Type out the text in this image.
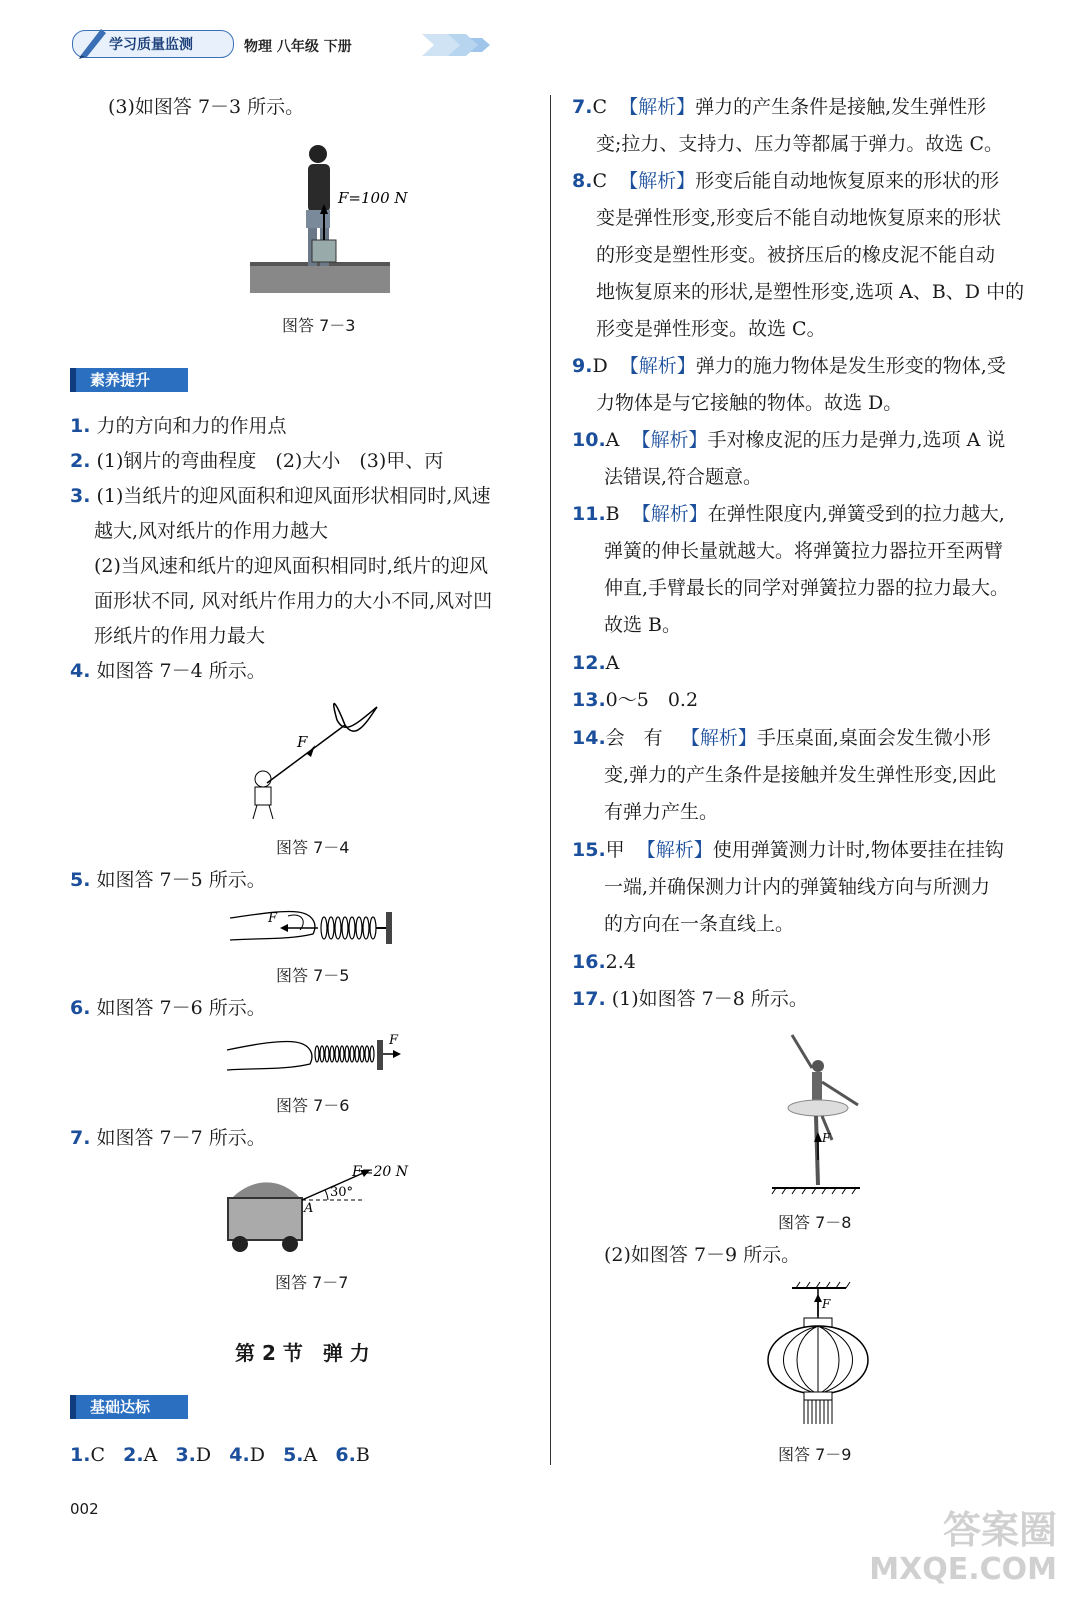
学习质量监测	物理 八年级 下册
(3)如图答 7－3 所示。
F=100 N
图答 7－3
素养提升
1. 力的方向和力的作用点
2. (1)钢片的弯曲程度　(2)大小　(3)甲、丙
3. (1)当纸片的迎风面积和迎风面形状相同时,风速
越大,风对纸片的作用力越大
(2)当风速和纸片的迎风面积相同时,纸片的迎风
面形状不同, 风对纸片作用力的大小不同,风对凹
形纸片的作用力最大
4. 如图答 7－4 所示。
F
图答 7－4
5. 如图答 7－5 所示。
F
图答 7－5
6. 如图答 7－6 所示。
F
图答 7－6
7. 如图答 7－7 所示。
30°
A
F=20 N
图答 7－7
第 2 节　弹 力
基础达标
1.C 2.A 3.D 4.D 5.A 6.B
7.C 【解析】弹力的产生条件是接触,发生弹性形
变;拉力、支持力、压力等都属于弹力。故选 C。
8.C 【解析】形变后能自动地恢复原来的形状的形
变是弹性形变,形变后不能自动地恢复原来的形状
的形变是塑性形变。被挤压后的橡皮泥不能自动
地恢复原来的形状,是塑性形变,选项 A、B、D 中的
形变是弹性形变。故选 C。
9.D 【解析】弹力的施力物体是发生形变的物体,受
力物体是与它接触的物体。故选 D。
10.A 【解析】手对橡皮泥的压力是弹力,选项 A 说
法错误,符合题意。
11.B 【解析】在弹性限度内,弹簧受到的拉力越大,
弹簧的伸长量就越大。将弹簧拉力器拉开至两臂
伸直,手臂最长的同学对弹簧拉力器的拉力最大。
故选 B。
12.A
13.0～5　0.2
14.会　有 【解析】手压桌面,桌面会发生微小形
变,弹力的产生条件是接触并发生弹性形变,因此
有弹力产生。
15.甲 【解析】使用弹簧测力计时,物体要挂在挂钩
一端,并确保测力计内的弹簧轴线方向与所测力
的方向在一条直线上。
16.2.4
17. (1)如图答 7－8 所示。
F
图答 7－8
(2)如图答 7－9 所示。
F
图答 7－9
002	答案圈
MXQE.COM
